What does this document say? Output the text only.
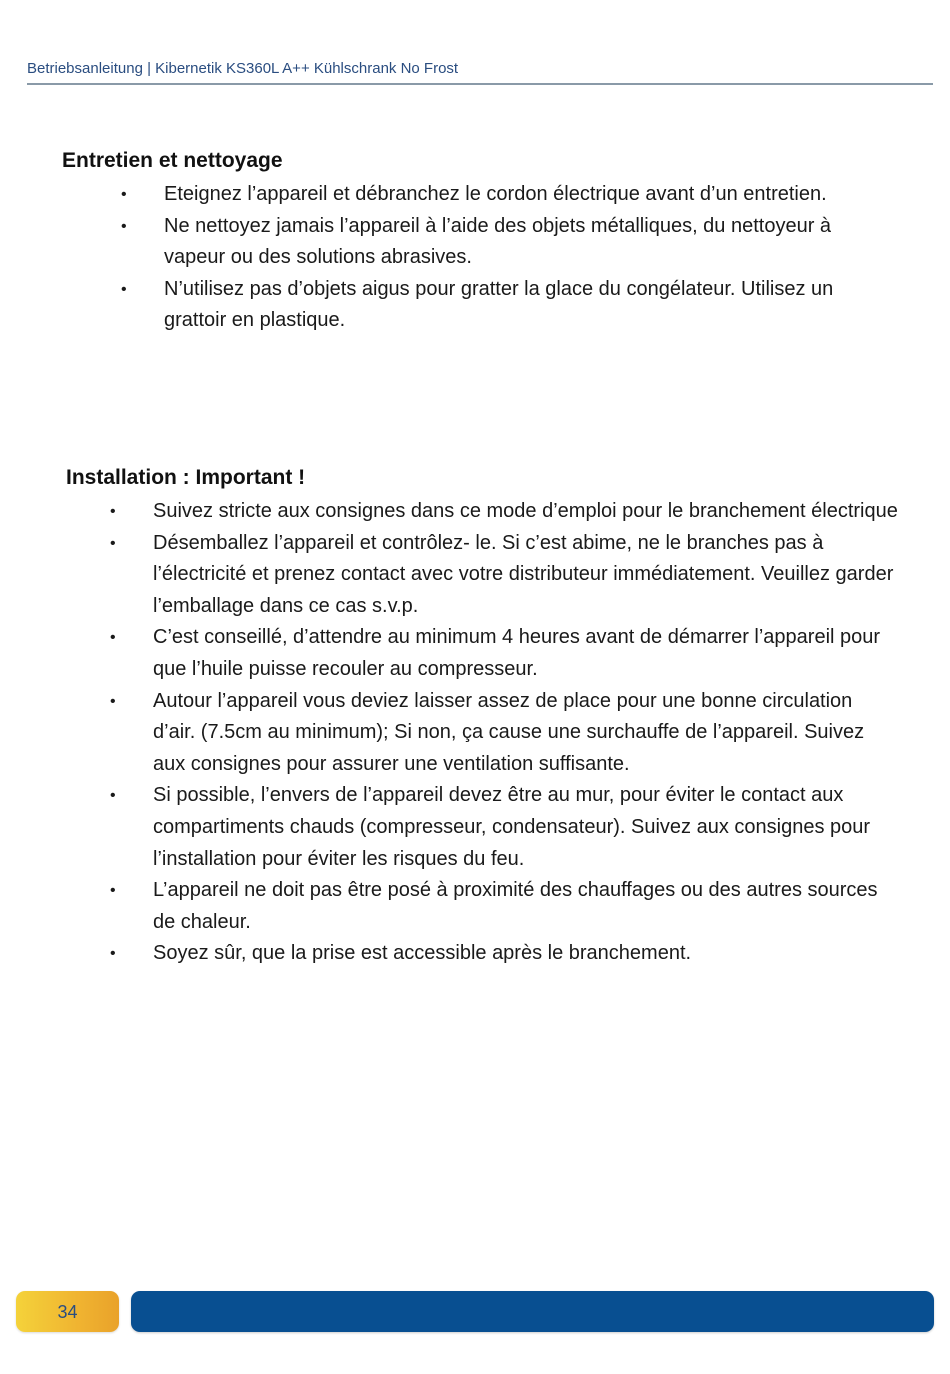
Betriebsanleitung | Kibernetik KS360L A++ Kühlschrank No Frost
Entretien et nettoyage
• Eteignez l’appareil et débranchez le cordon électrique avant d’un entretien.
• Ne nettoyez jamais l’appareil à l’aide des objets métalliques, du nettoyeur à vapeur ou des solutions abrasives.
• N’utilisez pas d’objets aigus pour gratter la glace du congélateur. Utilisez un grattoir en plastique.
Installation : Important !
• Suivez stricte aux consignes dans ce mode d’emploi pour le branchement électrique
• Désemballez l’appareil et contrôlez- le. Si c’est abime, ne le branches pas à l’électricité et prenez contact avec votre distributeur immédiatement. Veuillez garder l’emballage dans ce cas s.v.p.
• C’est conseillé, d’attendre au minimum 4 heures avant de démarrer l’appareil pour que l’huile puisse recouler au compresseur.
• Autour l’appareil vous deviez laisser assez de place pour une bonne circulation d’air. (7.5cm au minimum); Si non, ça cause une surchauffe de l’appareil. Suivez aux consignes pour assurer une ventilation suffisante.
• Si possible, l’envers de l’appareil devez être au mur, pour éviter le contact aux compartiments chauds (compresseur, condensateur). Suivez aux consignes pour l’installation pour éviter les risques du feu.
• L’appareil ne doit pas être posé à proximité des chauffages ou des autres sources de chaleur.
• Soyez sûr, que la prise est accessible après le branchement.
34
